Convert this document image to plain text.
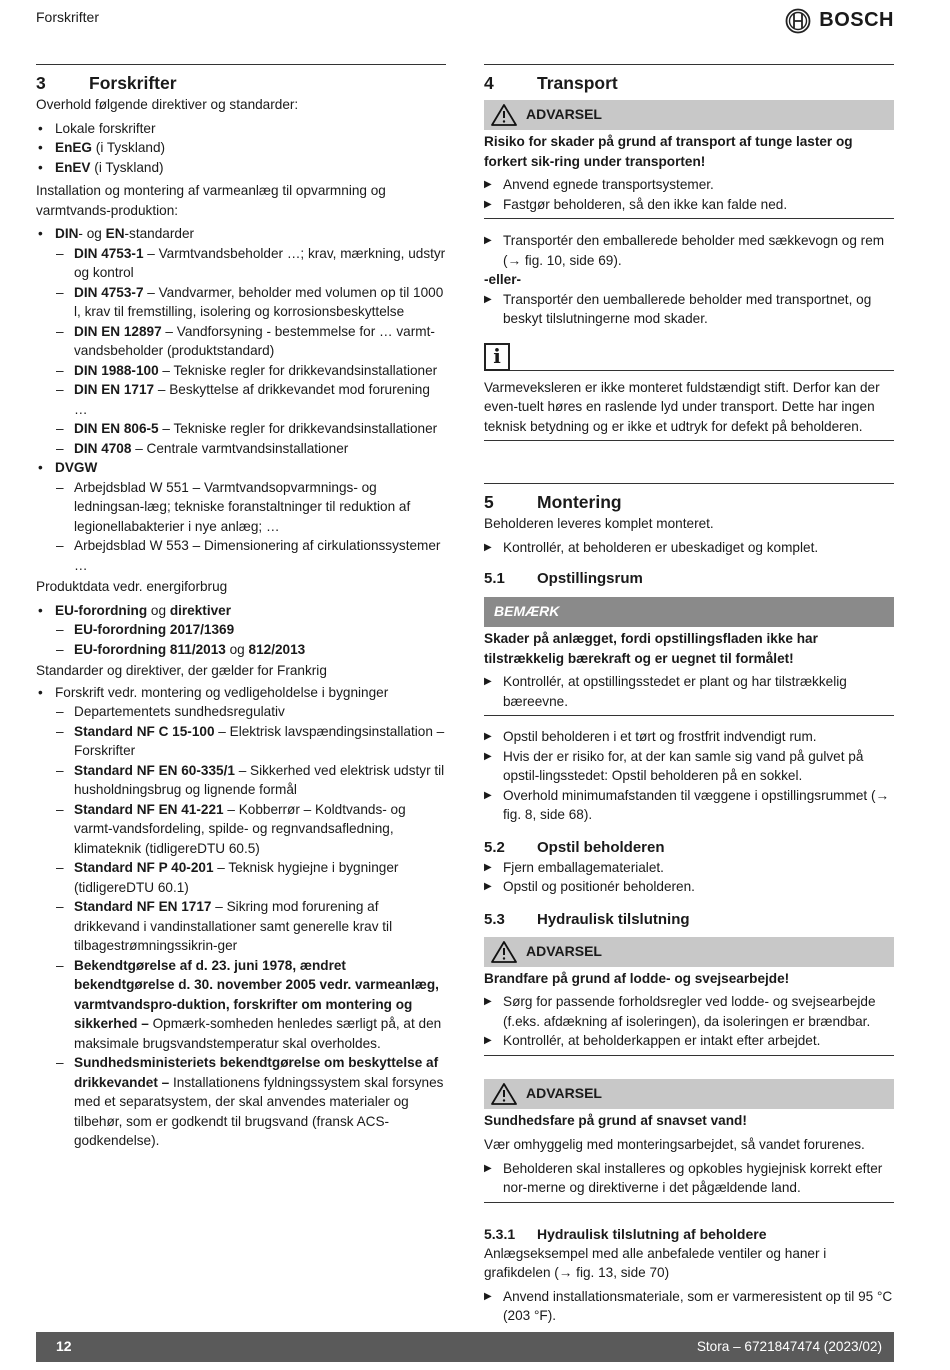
Forskrifter	BOSCH
3 Forskrifter

Overhold følgende direktiver og standarder:

• Lokale forskrifter
• EnEG (i Tyskland)
• EnEV (i Tyskland)

Installation og montering af varmeanlæg til opvarmning og varmtvands-produktion:

• DIN- og EN-standarder
– DIN 4753-1 – Varmtvandsbeholder …; krav, mærkning, udstyr og kontrol
– DIN 4753-7 – Vandvarmer, beholder med volumen op til 1000 l, krav til fremstilling, isolering og korrosionsbeskyttelse
– DIN EN 12897 – Vandforsyning - bestemmelse for … varmt-vandsbeholder (produktstandard)
– DIN 1988-100 – Tekniske regler for drikkevandsinstallationer
– DIN EN 1717 – Beskyttelse af drikkevandet mod forurening …
– DIN EN 806-5 – Tekniske regler for drikkevandsinstallationer
– DIN 4708 – Centrale varmtvandsinstallationer
• DVGW
– Arbejdsblad W 551 – Varmtvandsopvarmnings- og ledningsan-læg; tekniske foranstaltninger til reduktion af legionellabakterier i nye anlæg; …
– Arbejdsblad W 553 – Dimensionering af cirkulationssystemer …

Produktdata vedr. energiforbrug

• EU-forordning og direktiver
– EU-forordning 2017/1369
– EU-forordning 811/2013 og 812/2013

Standarder og direktiver, der gælder for Frankrig

• Forskrift vedr. montering og vedligeholdelse i bygninger
– Departementets sundhedsregulativ
– Standard NF C 15-100 – Elektrisk lavspændingsinstallation – Forskrifter
– Standard NF EN 60-335/1 – Sikkerhed ved elektrisk udstyr til husholdningsbrug og lignende formål
– Standard NF EN 41-221 – Kobberrør – Koldtvands- og varmt-vandsfordeling, spilde- og regnvandsafledning, klimateknik (tidligereDTU 60.5)
– Standard NF P 40-201 – Teknisk hygiejne i bygninger (tidligereDTU 60.1)
– Standard NF EN 1717 – Sikring mod forurening af drikkevand i vandinstallationer samt generelle krav til tilbagestrømningssikrin-ger
– Bekendtgørelse af d. 23. juni 1978, ændret bekendtgørelse d. 30. november 2005 vedr. varmeanlæg, varmtvandspro-duktion, forskrifter om montering og sikkerhed – Opmærk-somheden henledes særligt på, at den maksimale brugsvandstemperatur skal overholdes.
– Sundhedsministeriets bekendtgørelse om beskyttelse af drikkevandet – Installationens fyldningssystem skal forsynes med et separatsystem, der skal anvendes materialer og tilbehør, som er godkendt til brugsvand (fransk ACS-godkendelse).
4 Transport
ADVARSEL

Risiko for skader på grund af transport af tunge laster og forkert sik-ring under transporten!

▶ Anvend egnede transportsystemer.
▶ Fastgør beholderen, så den ikke kan falde ned.
▶ Transportér den emballerede beholder med sækkevogn og rem (→ fig. 10, side 69).

-eller-

▶ Transportér den uemballerede beholder med transportnet, og beskyt tilslutningerne mod skader.
i

Varmeveksleren er ikke monteret fuldstændigt stift. Derfor kan der even-tuelt høres en raslende lyd under transport. Dette har ingen teknisk betydning og er ikke et udtryk for defekt på beholderen.

5 Montering

Beholderen leveres komplet monteret.

▶ Kontrollér, at beholderen er ubeskadiget og komplet.
5.1 Opstillingsrum
BEMÆRK

Skader på anlægget, fordi opstillingsfladen ikke har tilstrækkelig bærekraft og er uegnet til formålet!

▶ Kontrollér, at opstillingsstedet er plant og har tilstrækkelig bæreevne.
▶ Opstil beholderen i et tørt og frostfrit indvendigt rum.
▶ Hvis der er risiko for, at der kan samle sig vand på gulvet på opstil-lingsstedet: Opstil beholderen på en sokkel.
▶ Overhold minimumafstanden til væggene i opstillingsrummet (→ fig. 8, side 68).
5.2 Opstil beholderen
▶ Fjern emballagematerialet.
▶ Opstil og positionér beholderen.
5.3 Hydraulisk tilslutning
ADVARSEL

Brandfare på grund af lodde- og svejsearbejde!

▶ Sørg for passende forholdsregler ved lodde- og svejsearbejde (f.eks. afdækning af isoleringen), da isoleringen er brændbar.
▶ Kontrollér, at beholderkappen er intakt efter arbejdet.
ADVARSEL

Sundhedsfare på grund af snavset vand!

Vær omhyggelig med monteringsarbejdet, så vandet forurenes.

▶ Beholderen skal installeres og opkobles hygiejnisk korrekt efter nor-merne og direktiverne i det pågældende land.
5.3.1 Hydraulisk tilslutning af beholdere

Anlægseksempel med alle anbefalede ventiler og haner i grafikdelen (→ fig. 13, side 70)

▶ Anvend installationsmateriale, som er varmeresistent op til 95 °C (203 °F).
12	Stora – 6721847474 (2023/02)
